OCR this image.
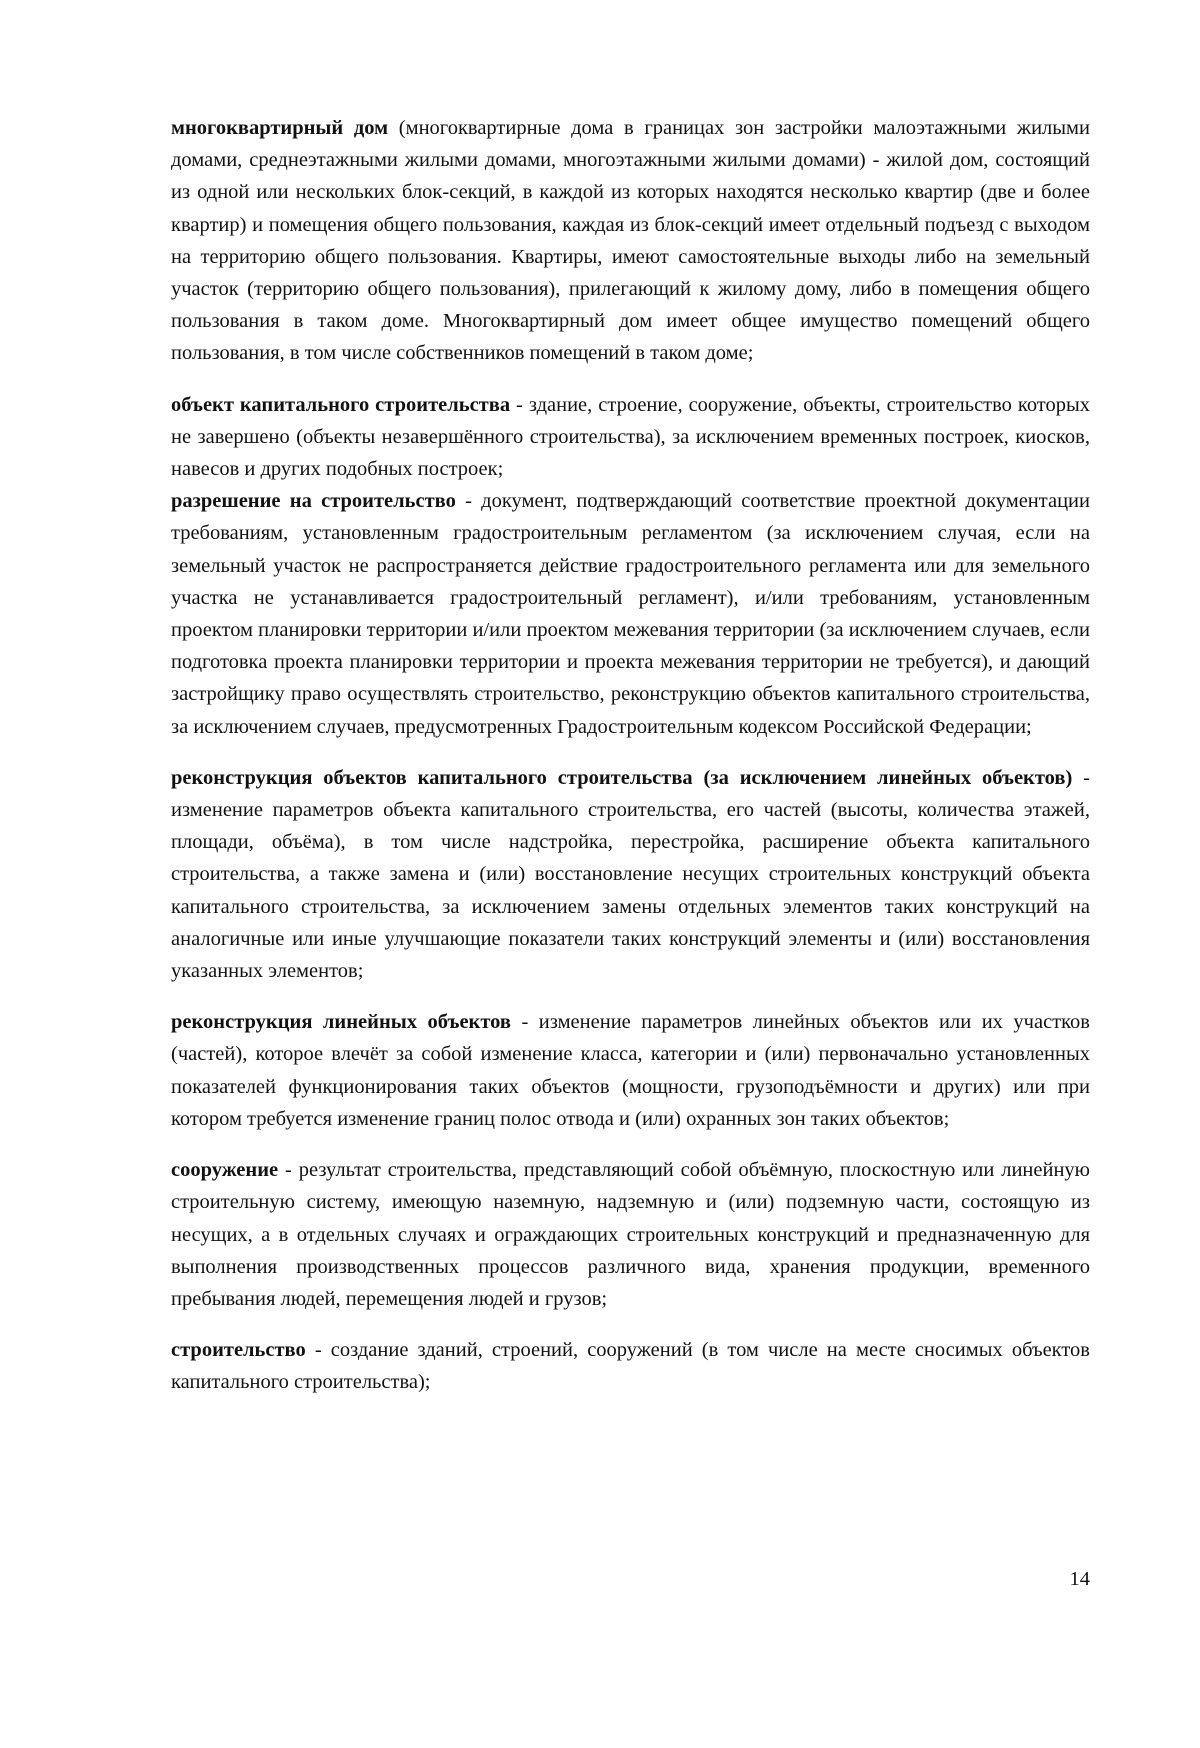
многоквартирный дом (многоквартирные дома в границах зон застройки малоэтажными жилыми домами, среднеэтажными жилыми домами, многоэтажными жилыми домами) - жилой дом, состоящий из одной или нескольких блок-секций, в каждой из которых находятся несколько квартир (две и более квартир) и помещения общего пользования, каждая из блок-секций имеет отдельный подъезд с выходом на территорию общего пользования. Квартиры, имеют самостоятельные выходы либо на земельный участок (территорию общего пользования), прилегающий к жилому дому, либо в помещения общего пользования в таком доме. Многоквартирный дом имеет общее имущество помещений общего пользования, в том числе собственников помещений в таком доме;

объект капитального строительства - здание, строение, сооружение, объекты, строительство которых не завершено (объекты незавершённого строительства), за исключением временных построек, киосков, навесов и других подобных построек;

разрешение на строительство - документ, подтверждающий соответствие проектной документации требованиям, установленным градостроительным регламентом (за исключением случая, если на земельный участок не распространяется действие градостроительного регламента или для земельного участка не устанавливается градостроительный регламент), и/или требованиям, установленным проектом планировки территории и/или проектом межевания территории (за исключением случаев, если подготовка проекта планировки территории и проекта межевания территории не требуется), и дающий застройщику право осуществлять строительство, реконструкцию объектов капитального строительства, за исключением случаев, предусмотренных Градостроительным кодексом Российской Федерации;

реконструкция объектов капитального строительства (за исключением линейных объектов) - изменение параметров объекта капитального строительства, его частей (высоты, количества этажей, площади, объёма), в том числе надстройка, перестройка, расширение объекта капитального строительства, а также замена и (или) восстановление несущих строительных конструкций объекта капитального строительства, за исключением замены отдельных элементов таких конструкций на аналогичные или иные улучшающие показатели таких конструкций элементы и (или) восстановления указанных элементов;

реконструкция линейных объектов - изменение параметров линейных объектов или их участков (частей), которое влечёт за собой изменение класса, категории и (или) первоначально установленных показателей функционирования таких объектов (мощности, грузоподъёмности и других) или при котором требуется изменение границ полос отвода и (или) охранных зон таких объектов;

сооружение - результат строительства, представляющий собой объёмную, плоскостную или линейную строительную систему, имеющую наземную, надземную и (или) подземную части, состоящую из несущих, а в отдельных случаях и ограждающих строительных конструкций и предназначенную для выполнения производственных процессов различного вида, хранения продукции, временного пребывания людей, перемещения людей и грузов;

строительство - создание зданий, строений, сооружений (в том числе на месте сносимых объектов капитального строительства);

14
